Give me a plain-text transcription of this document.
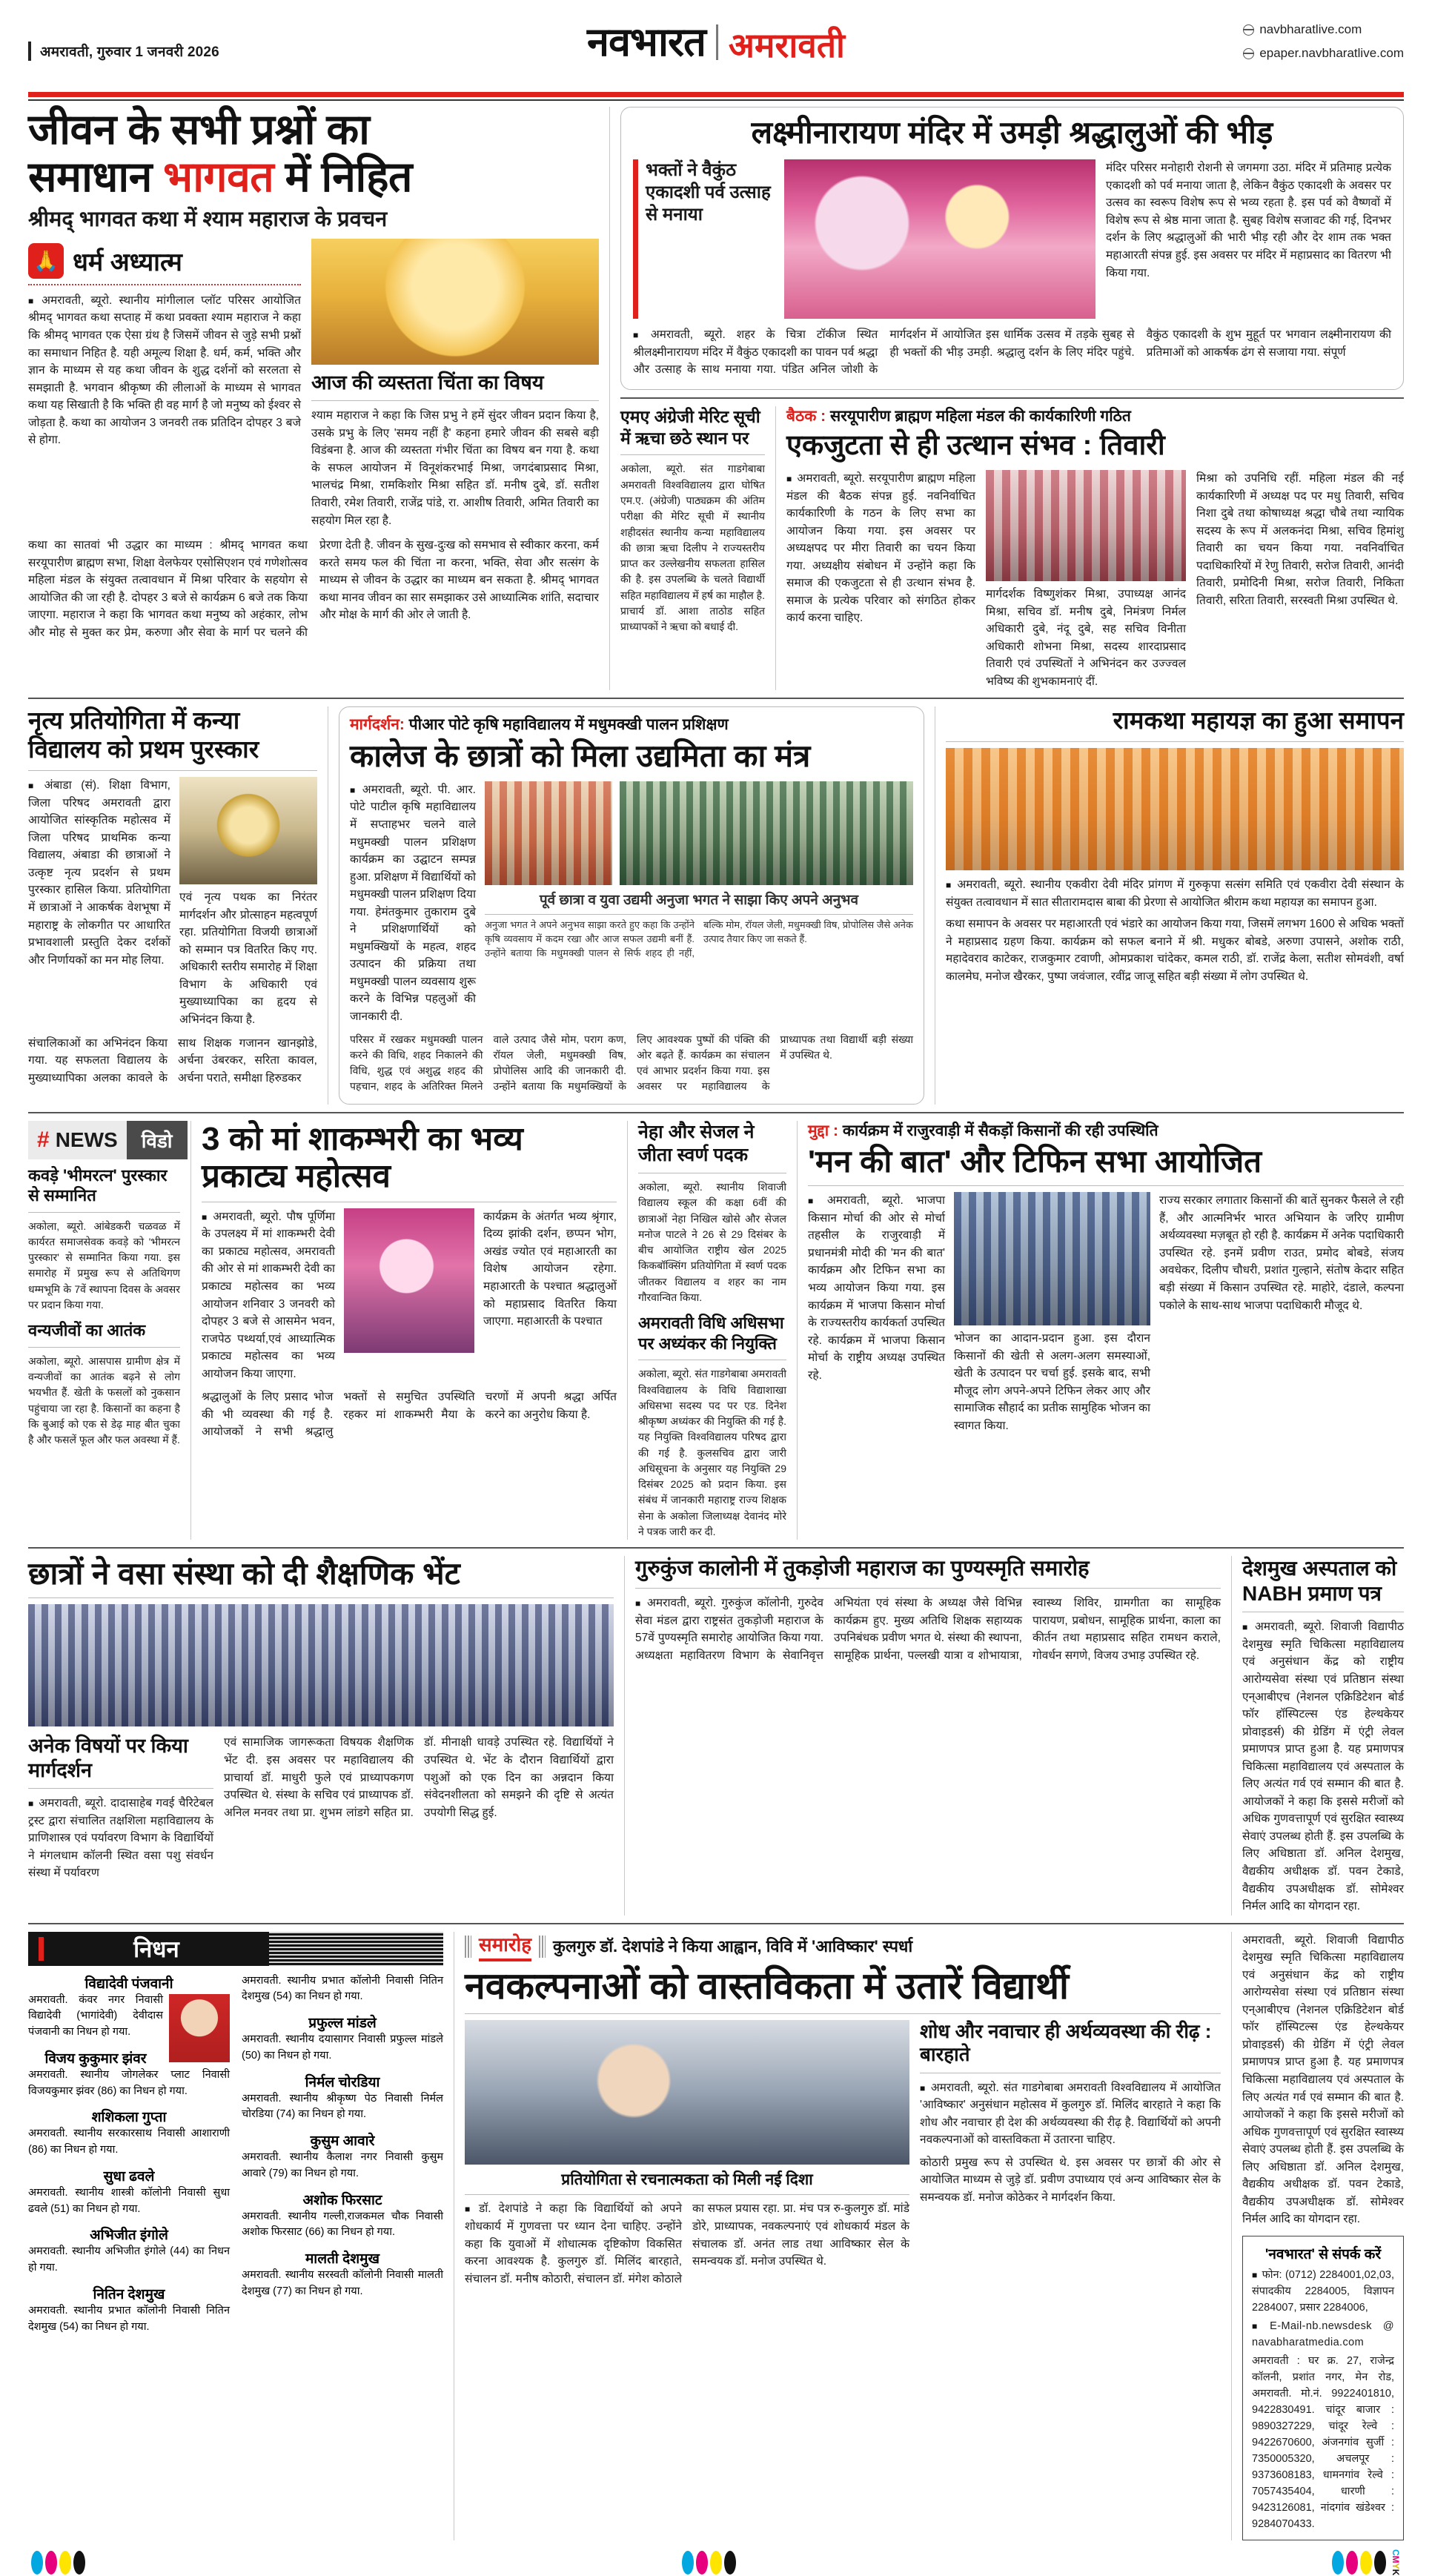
अमरावती, गुरुवार 1 जनवरी 2026	नवभारत अमरावती	navbharatlive.com
epaper.navbharatlive.com
जीवन के सभी प्रश्नों का
समाधान भागवत में निहित
श्रीमद् भागवत कथा में श्याम महाराज के प्रवचन
🙏 धर्म अध्यात्म
■ अमरावती, ब्यूरो. स्थानीय मांगीलाल प्लॉट परिसर आयोजित श्रीमद् भागवत कथा सप्ताह में कथा प्रवक्ता श्याम महाराज ने कहा कि श्रीमद् भागवत एक ऐसा ग्रंथ है जिसमें जीवन से जुड़े सभी प्रश्नों का समाधान निहित है. यही अमूल्य शिक्षा है. धर्म, कर्म, भक्ति और ज्ञान के माध्यम से यह कथा जीवन के शुद्ध दर्शनों को सरलता से समझाती है. भगवान श्रीकृष्ण की लीलाओं के माध्यम से भागवत कथा यह सिखाती है कि भक्ति ही वह मार्ग है जो मनुष्य को ईश्वर से जोड़ता है. कथा का आयोजन 3 जनवरी तक प्रतिदिन दोपहर 3 बजे से होगा.
आज की व्यस्तता चिंता का विषय
श्याम महाराज ने कहा कि जिस प्रभु ने हमें सुंदर जीवन प्रदान किया है, उसके प्रभु के लिए 'समय नहीं है' कहना हमारे जीवन की सबसे बड़ी विडंबना है. आज की व्यस्तता गंभीर चिंता का विषय बन गया है. कथा के सफल आयोजन में विनूशंकरभाई मिश्रा, जगदंबाप्रसाद मिश्रा, भालचंद्र मिश्रा, रामकिशोर मिश्रा सहित डॉ. मनीष दुबे, डॉ. सतीश तिवारी, रमेश तिवारी, राजेंद्र पांडे, रा. आशीष तिवारी, अमित तिवारी का सहयोग मिल रहा है.
कथा का सातवां भी उद्धार का माध्यम : श्रीमद् भागवत कथा सरयूपारीण ब्राह्मण सभा, शिक्षा वेलफेयर एसोसिएशन एवं गणेशोत्सव महिला मंडल के संयुक्त तत्वावधान में मिश्रा परिवार के सहयोग से आयोजित की जा रही है. दोपहर 3 बजे से कार्यक्रम 6 बजे तक किया जाएगा. महाराज ने कहा कि भागवत कथा मनुष्य को अहंकार, लोभ और मोह से मुक्त कर प्रेम, करुणा और सेवा के मार्ग पर चलने की प्रेरणा देती है. जीवन के सुख-दुःख को समभाव से स्वीकार करना, कर्म करते समय फल की चिंता ना करना, भक्ति, सेवा और सत्संग के माध्यम से जीवन के उद्धार का माध्यम बन सकता है. श्रीमद् भागवत कथा मानव जीवन का सार समझाकर उसे आध्यात्मिक शांति, सदाचार और मोक्ष के मार्ग की ओर ले जाती है.
लक्ष्मीनारायण मंदिर में उमड़ी श्रद्धालुओं की भीड़
भक्तों ने वैकुंठ एकादशी पर्व उत्साह से मनाया
मंदिर परिसर मनोहारी रोशनी से जगमगा उठा. मंदिर में प्रतिमाह प्रत्येक एकादशी को पर्व मनाया जाता है, लेकिन वैकुंठ एकादशी के अवसर पर उत्सव का स्वरूप विशेष रूप से भव्य रहता है. इस पर्व को वैष्णवों में विशेष रूप से श्रेष्ठ माना जाता है. सुबह विशेष सजावट की गई, दिनभर दर्शन के लिए श्रद्धालुओं की भारी भीड़ रही और देर शाम तक भक्त महाआरती संपन्न हुई. इस अवसर पर मंदिर में महाप्रसाद का वितरण भी किया गया.
■ अमरावती, ब्यूरो. शहर के चित्रा टॉकीज स्थित श्रीलक्ष्मीनारायण मंदिर में वैकुंठ एकादशी का पावन पर्व श्रद्धा और उत्साह के साथ मनाया गया. पंडित अनिल जोशी के मार्गदर्शन में आयोजित इस धार्मिक उत्सव में तड़के सुबह से ही भक्तों की भीड़ उमड़ी. श्रद्धालु दर्शन के लिए मंदिर पहुंचे. वैकुंठ एकादशी के शुभ मुहूर्त पर भगवान लक्ष्मीनारायण की प्रतिमाओं को आकर्षक ढंग से सजाया गया. संपूर्ण
एमए अंग्रेजी मेरिट सूची में ऋचा छठे स्थान पर
अकोला, ब्यूरो. संत गाडगेबाबा अमरावती विश्वविद्यालय द्वारा घोषित एम.ए. (अंग्रेजी) पाठ्यक्रम की अंतिम परीक्षा की मेरिट सूची में स्थानीय शहीदसंत स्थानीय कन्या महाविद्यालय की छात्रा ऋचा दिलीप ने राज्यस्तरीय प्राप्त कर उल्लेखनीय सफलता हासिल की है. इस उपलब्धि के चलते विद्यार्थी सहित महाविद्यालय में हर्ष का माहौल है. प्राचार्य डॉ. आशा ताठोड सहित प्राध्यापकों ने ऋचा को बधाई दी.
बैठक : सरयूपारीण ब्राह्मण महिला मंडल की कार्यकारिणी गठित
एकजुटता से ही उत्थान संभव : तिवारी
■ अमरावती, ब्यूरो. सरयूपारीण ब्राह्मण महिला मंडल की बैठक संपन्न हुई. नवनिर्वाचित कार्यकारिणी के गठन के लिए सभा का आयोजन किया गया. इस अवसर पर अध्यक्षपद पर मीरा तिवारी का चयन किया गया. अध्यक्षीय संबोधन में उन्होंने कहा कि समाज की एकजुटता से ही उत्थान संभव है. समाज के प्रत्येक परिवार को संगठित होकर कार्य करना चाहिए.
मार्गदर्शक विष्णुशंकर मिश्रा, उपाध्यक्ष आनंद मिश्रा, सचिव डॉ. मनीष दुबे, निमंत्रण निर्मल अधिकारी दुबे, नंदू दुबे, सह सचिव विनीता अधिकारी शोभना मिश्रा, सदस्य शारदाप्रसाद तिवारी एवं उपस्थितों ने अभिनंदन कर उज्ज्वल भविष्य की शुभकामनाएं दीं.
मिश्रा को उपनिधि रहीं. महिला मंडल की नई कार्यकारिणी में अध्यक्ष पद पर मधु तिवारी, सचिव निशा दुबे तथा कोषाध्यक्ष श्रद्धा चौबे तथा न्यायिक सदस्य के रूप में अलकनंदा मिश्रा, सचिव हिमांशु तिवारी का चयन किया गया. नवनिर्वाचित पदाधिकारियों में रेणु तिवारी, सरोज तिवारी, आनंदी तिवारी, प्रमोदिनी मिश्रा, सरोज तिवारी, निकिता तिवारी, सरिता तिवारी, सरस्वती मिश्रा उपस्थित थे.
नृत्य प्रतियोगिता में कन्या विद्यालय को प्रथम पुरस्कार
■ अंबाडा (सं). शिक्षा विभाग, जिला परिषद अमरावती द्वारा आयोजित सांस्कृतिक महोत्सव में जिला परिषद प्राथमिक कन्या विद्यालय, अंबाडा की छात्राओं ने उत्कृष्ट नृत्य प्रदर्शन से प्रथम पुरस्कार हासिल किया. प्रतियोगिता में छात्राओं ने आकर्षक वेशभूषा में महाराष्ट्र के लोकगीत पर आधारित प्रभावशाली प्रस्तुति देकर दर्शकों और निर्णायकों का मन मोह लिया.
एवं नृत्य पथक का निरंतर मार्गदर्शन और प्रोत्साहन महत्वपूर्ण रहा. प्रतियोगिता विजयी छात्राओं को सम्मान पत्र वितरित किए गए. अधिकारी स्तरीय समारोह में शिक्षा विभाग के अधिकारी एवं मुख्याध्यापिका का हृदय से अभिनंदन किया है.
संचालिकाओं का अभिनंदन किया गया. यह सफलता विद्यालय के मुख्याध्यापिका अलका कावले के साथ शिक्षक गजानन खानझोडे, अर्चना उंबरकर, सरिता कावल, अर्चना पराते, समीक्षा हिरुडकर
मार्गदर्शन: पीआर पोटे कृषि महाविद्यालय में मधुमक्खी पालन प्रशिक्षण
कालेज के छात्रों को मिला उद्यमिता का मंत्र
■ अमरावती, ब्यूरो. पी. आर. पोटे पाटील कृषि महाविद्यालय में सप्ताहभर चलने वाले मधुमक्खी पालन प्रशिक्षण कार्यक्रम का उद्घाटन सम्पन्न हुआ. प्रशिक्षण में विद्यार्थियों को मधुमक्खी पालन प्रशिक्षण दिया गया. हेमंतकुमार तुकाराम दुबे ने प्रशिक्षणार्थियों को मधुमक्खियों के महत्व, शहद उत्पादन की प्रक्रिया तथा मधुमक्खी पालन व्यवसाय शुरू करने के विभिन्न पहलुओं की जानकारी दी.
पूर्व छात्रा व युवा उद्यमी अनुजा भगत ने साझा किए अपने अनुभव
अनुजा भगत ने अपने अनुभव साझा करते हुए कहा कि उन्होंने कृषि व्यवसाय में कदम रखा और आज सफल उद्यमी बनीं हैं. उन्होंने बताया कि मधुमक्खी पालन से सिर्फ शहद ही नहीं, बल्कि मोम, रॉयल जेली, मधुमक्खी विष, प्रोपोलिस जैसे अनेक उत्पाद तैयार किए जा सकते हैं.
परिसर में रखकर मधुमक्खी पालन करने की विधि, शहद निकालने की विधि, शुद्ध एवं अशुद्ध शहद की पहचान, शहद के अतिरिक्त मिलने वाले उत्पाद जैसे मोम, पराग कण, रॉयल जेली, मधुमक्खी विष, प्रोपोलिस आदि की जानकारी दी. उन्होंने बताया कि मधुमक्खियों के लिए आवश्यक पुष्पों की पंक्ति की ओर बढ़ते हैं. कार्यक्रम का संचालन एवं आभार प्रदर्शन किया गया. इस अवसर पर महाविद्यालय के प्राध्यापक तथा विद्यार्थी बड़ी संख्या में उपस्थित थे.
रामकथा महायज्ञ का हुआ समापन
■ अमरावती, ब्यूरो. स्थानीय एकवीरा देवी मंदिर प्रांगण में गुरुकृपा सत्संग समिति एवं एकवीरा देवी संस्थान के संयुक्त तत्वावधान में सात सीतारामदास बाबा की प्रेरणा से आयोजित श्रीराम कथा महायज्ञ का समापन हुआ.
कथा समापन के अवसर पर महाआरती एवं भंडारे का आयोजन किया गया, जिसमें लगभग 1600 से अधिक भक्तों ने महाप्रसाद ग्रहण किया. कार्यक्रम को सफल बनाने में श्री. मधुकर बोबडे, अरुणा उपासने, अशोक राठी, महादेवराव काटेकर, राजकुमार टवाणी, ओमप्रकाश चांदेकर, कमल राठी, डॉ. राजेंद्र केला, सतीश सोमवंशी, वर्षा कालमेघ, मनोज खैरकर, पुष्पा जवंजाल, रवींद्र जाजू सहित बड़ी संख्या में लोग उपस्थित थे.
# NEWS	विडो
कवड़े 'भीमरत्न' पुरस्कार से सम्मानित
अकोला, ब्यूरो. आंबेडकरी चळवळ में कार्यरत समाजसेवक कवड़े को 'भीमरत्न पुरस्कार' से सम्मानित किया गया. इस समारोह में प्रमुख रूप से अतिथिगण धम्मभूमि के 7वें स्थापना दिवस के अवसर पर प्रदान किया गया.
वन्यजीवों का आतंक
अकोला, ब्यूरो. आसपास ग्रामीण क्षेत्र में वन्यजीवों का आतंक बढ़ने से लोग भयभीत हैं. खेती के फसलों को नुकसान पहुंचाया जा रहा है. किसानों का कहना है कि बुआई को एक से डेढ़ माह बीत चुका है और फसलें फूल और फल अवस्था में हैं.
3 को मां शाकम्भरी का भव्य प्रकाट्य महोत्सव
■ अमरावती, ब्यूरो. पौष पूर्णिमा के उपलक्ष्य में मां शाकम्भरी देवी का प्रकाट्य महोत्सव, अमरावती की ओर से मां शाकम्भरी देवी का प्रकाट्य महोत्सव का भव्य आयोजन शनिवार 3 जनवरी को दोपहर 3 बजे से आसमेन भवन, राजपेठ पथ्थर्या,एवं आध्यात्मिक प्रकाट्य महोत्सव का भव्य आयोजन किया जाएगा.
कार्यक्रम के अंतर्गत भव्य श्रृंगार, दिव्य झांकी दर्शन, छप्पन भोग, अखंड ज्योत एवं महाआरती का विशेष आयोजन रहेगा. महाआरती के पश्चात श्रद्धालुओं को महाप्रसाद वितरित किया जाएगा. महाआरती के पश्चात
श्रद्धालुओं के लिए प्रसाद भोज की भी व्यवस्था की गई है. आयोजकों ने सभी श्रद्धालु भक्तों से समुचित उपस्थिति रहकर मां शाकम्भरी मैया के चरणों में अपनी श्रद्धा अर्पित करने का अनुरोध किया है.
नेहा और सेजल ने जीता स्वर्ण पदक
अकोला, ब्यूरो. स्थानीय शिवाजी विद्यालय स्कूल की कक्षा 6वीं की छात्राओं नेहा निखिल खोसे और सेजल मनोज पाटले ने 26 से 29 दिसंबर के बीच आयोजित राष्ट्रीय खेल 2025 किकबॉक्सिंग प्रतियोगिता में स्वर्ण पदक जीतकर विद्यालय व शहर का नाम गौरवान्वित किया.
अमरावती विधि अधिसभा पर अध्यंकर की नियुक्ति
अकोला, ब्यूरो. संत गाडगेबाबा अमरावती विश्वविद्यालय के विधि विद्याशाखा अधिसभा सदस्य पद पर एड. दिनेश श्रीकृष्ण अध्यंकर की नियुक्ति की गई है. यह नियुक्ति विश्वविद्यालय परिषद द्वारा की गई है. कुलसचिव द्वारा जारी अधिसूचना के अनुसार यह नियुक्ति 29 दिसंबर 2025 को प्रदान किया. इस संबंध में जानकारी महाराष्ट्र राज्य शिक्षक सेना के अकोला जिलाध्यक्ष देवानंद मोरे ने पत्रक जारी कर दी.
मुद्दा : कार्यक्रम में राजुरवाड़ी में सैकड़ों किसानों की रही उपस्थिति
'मन की बात' और टिफिन सभा आयोजित
■ अमरावती, ब्यूरो. भाजपा किसान मोर्चा की ओर से मोर्चा तहसील के राजुरवाड़ी में प्रधानमंत्री मोदी की 'मन की बात' कार्यक्रम और टिफिन सभा का भव्य आयोजन किया गया. इस कार्यक्रम में भाजपा किसान मोर्चा के राज्यस्तरीय कार्यकर्ता उपस्थित रहे. कार्यक्रम में भाजपा किसान मोर्चा के राष्ट्रीय अध्यक्ष उपस्थित रहे.
भोजन का आदान-प्रदान हुआ. इस दौरान किसानों की खेती से अलग-अलग समस्याओं, खेती के उत्पादन पर चर्चा हुई. इसके बाद, सभी मौजूद लोग अपने-अपने टिफिन लेकर आए और सामाजिक सौहार्द का प्रतीक सामुहिक भोजन का स्वागत किया.
राज्य सरकार लगातार किसानों की बातें सुनकर फैसले ले रही हैं, और आत्मनिर्भर भारत अभियान के जरिए ग्रामीण अर्थव्यवस्था मज़बूत हो रही है. कार्यक्रम में अनेक पदाधिकारी उपस्थित रहे. इनमें प्रवीण राउत, प्रमोद बोबडे, संजय अवधेकर, दिलीप चौधरी, प्रशांत गुल्हाने, संतोष केदार सहित बड़ी संख्या में किसान उपस्थित रहे. माहोरे, दंडाले, कल्पना पकोले के साथ-साथ भाजपा पदाधिकारी मौजूद थे.
छात्रों ने वसा संस्था को दी शैक्षणिक भेंट
अनेक विषयों पर किया मार्गदर्शन
■ अमरावती, ब्यूरो. दादासाहेब गवई चैरिटेबल ट्रस्ट द्वारा संचालित तक्षशिला महाविद्यालय के प्राणिशास्त्र एवं पर्यावरण विभाग के विद्यार्थियों ने मंगलधाम कॉलनी स्थित वसा पशु संवर्धन संस्था में पर्यावरण
एवं सामाजिक जागरूकता विषयक शैक्षणिक भेंट दी. इस अवसर पर महाविद्यालय की प्राचार्या डॉ. माधुरी फुले एवं प्राध्यापकगण उपस्थित थे. संस्था के सचिव एवं प्राध्यापक डॉ. अनिल मनवर तथा प्रा. शुभम लांडगे सहित प्रा. डॉ. मीनाक्षी धावड़े उपस्थित रहे. विद्यार्थियों ने उपस्थित थे. भेंट के दौरान विद्यार्थियों द्वारा पशुओं को एक दिन का अन्नदान किया संवेदनशीलता को समझने की दृष्टि से अत्यंत उपयोगी सिद्ध हुई.
गुरुकुंज कालोनी में तुकड़ोजी महाराज का पुण्यस्मृति समारोह
■ अमरावती, ब्यूरो. गुरुकुंज कॉलोनी, गुरुदेव सेवा मंडल द्वारा राष्ट्रसंत तुकड़ोजी महाराज के 57वें पुण्यस्मृति समारोह आयोजित किया गया. अध्यक्षता महावितरण विभाग के सेवानिवृत्त अभियंता एवं संस्था के अध्यक्ष जैसे विभिन्न कार्यक्रम हुए. मुख्य अतिथि शिक्षक सहाय्यक उपनिबंधक प्रवीण भगत थे. संस्था की स्थापना, सामूहिक प्रार्थना, पल्लखी यात्रा व शोभायात्रा, स्वास्थ्य शिविर, ग्रामगीता का सामूहिक पारायण, प्रबोधन, सामूहिक प्रार्थना, काला का कीर्तन तथा महाप्रसाद सहित रामधन कराले, गोवर्धन सगणे, विजय उभाड़ उपस्थित रहे.
देशमुख अस्पताल को NABH प्रमाण पत्र
■ अमरावती, ब्यूरो. शिवाजी विद्यापीठ देशमुख स्मृति चिकित्सा महाविद्यालय एवं अनुसंधान केंद्र को राष्ट्रीय आरोग्यसेवा संस्था एवं प्रतिष्ठान संस्था एन्आबीएच (नेशनल एक्रिडिटेशन बोर्ड फॉर हॉस्पिटल्स एंड हेल्थकेयर प्रोवाइडर्स) की ग्रेडिंग में एंट्री लेवल प्रमाणपत्र प्राप्त हुआ है. यह प्रमाणपत्र चिकित्सा महाविद्यालय एवं अस्पताल के लिए अत्यंत गर्व एवं सम्मान की बात है. आयोजकों ने कहा कि इससे मरीजों को अधिक गुणवत्तापूर्ण एवं सुरक्षित स्वास्थ्य सेवाएं उपलब्ध होती हैं. इस उपलब्धि के लिए अधिष्ठाता डॉ. अनिल देशमुख, वैद्यकीय अधीक्षक डॉ. पवन टेकाडे, वैद्यकीय उपअधीक्षक डॉ. सोमेश्वर निर्मल आदि का योगदान रहा.
निधन
विद्यादेवी पंजवानी
अमरावती. कंवर नगर निवासी विद्यादेवी (भागांदेवी) देवीदास पंजवानी का निधन हो गया.
विजय कुकुमार झंवर
अमरावती. स्थानीय जोगलेकर प्लाट निवासी विजयकुमार झंवर (86) का निधन हो गया.
शशिकला गुप्ता
अमरावती. स्थानीय सरकारसाथ निवासी आशाराणी (86) का निधन हो गया.
सुधा ढवले
अमरावती. स्थानीय शास्त्री कॉलोनी निवासी सुधा ढवले (51) का निधन हो गया.
अभिजीत इंगोले
अमरावती. स्थानीय अभिजीत इंगोले (44) का निधन हो गया.
नितिन देशमुख
अमरावती. स्थानीय प्रभात कॉलोनी निवासी नितिन देशमुख (54) का निधन हो गया.
अमरावती. स्थानीय प्रभात कॉलोनी निवासी नितिन देशमुख (54) का निधन हो गया.
प्रफुल्ल मांडले
अमरावती. स्थानीय दयासागर निवासी प्रफुल्ल मांडले (50) का निधन हो गया.
निर्मल चोरडिया
अमरावती. स्थानीय श्रीकृष्ण पेठ निवासी निर्मल चोरडिया (74) का निधन हो गया.
कुसुम आवारे
अमरावती. स्थानीय कैलाश नगर निवासी कुसुम आवारे (79) का निधन हो गया.
अशोक फिरसाट
अमरावती. स्थानीय गल्ली,राजकमल चौक निवासी अशोक फिरसाट (66) का निधन हो गया.
मालती देशमुख
अमरावती. स्थानीय सरस्वती कॉलोनी निवासी मालती देशमुख (77) का निधन हो गया.
समारोह कुलगुरु डॉ. देशपांडे ने किया आह्वान, विवि में 'आविष्कार' स्पर्धा
नवकल्पनाओं को वास्तविकता में उतारें विद्यार्थी
प्रतियोगिता से रचनात्मकता को मिली नई दिशा
■ डॉ. देशपांडे ने कहा कि विद्यार्थियों को अपने शोधकार्य में गुणवत्ता पर ध्यान देना चाहिए. उन्होंने कहा कि युवाओं में शोधात्मक दृष्टिकोण विकसित करना आवश्यक है. कुलगुरु डॉ. मिलिंद बारहाते, संचालन डॉ. मनीष कोठारी, संचालन डॉ. मंगेश कोठाले का सफल प्रयास रहा. प्रा. मंच पत्र रु-कुलगुरु डॉ. मांडे डोरे, प्राध्यापक, नवकल्पनाएं एवं शोधकार्य मंडल के संचालक डॉ. अनंत लाड तथा आविष्कार सेल के समन्वयक डॉ. मनोज उपस्थित थे.
शोध और नवाचार ही अर्थव्यवस्था की रीढ़ : बारहाते
■ अमरावती, ब्यूरो. संत गाडगेबाबा अमरावती विश्वविद्यालय में आयोजित 'आविष्कार' अनुसंधान महोत्सव में कुलगुरु डॉ. मिलिंद बारहाते ने कहा कि शोध और नवाचार ही देश की अर्थव्यवस्था की रीढ़ है. विद्यार्थियों को अपनी नवकल्पनाओं को वास्तविकता में उतारना चाहिए.
कोठारी प्रमुख रूप से उपस्थित थे. इस अवसर पर छात्रों की ओर से आयोजित माध्यम से जुड़े डॉ. प्रवीण उपाध्याय एवं अन्य आविष्कार सेल के समन्वयक डॉ. मनोज कोठेकर ने मार्गदर्शन किया.
अमरावती, ब्यूरो. शिवाजी विद्यापीठ देशमुख स्मृति चिकित्सा महाविद्यालय एवं अनुसंधान केंद्र को राष्ट्रीय आरोग्यसेवा संस्था एवं प्रतिष्ठान संस्था एन्आबीएच (नेशनल एक्रिडिटेशन बोर्ड फॉर हॉस्पिटल्स एंड हेल्थकेयर प्रोवाइडर्स) की ग्रेडिंग में एंट्री लेवल प्रमाणपत्र प्राप्त हुआ है. यह प्रमाणपत्र चिकित्सा महाविद्यालय एवं अस्पताल के लिए अत्यंत गर्व एवं सम्मान की बात है. आयोजकों ने कहा कि इससे मरीजों को अधिक गुणवत्तापूर्ण एवं सुरक्षित स्वास्थ्य सेवाएं उपलब्ध होती हैं. इस उपलब्धि के लिए अधिष्ठाता डॉ. अनिल देशमुख, वैद्यकीय अधीक्षक डॉ. पवन टेकाडे, वैद्यकीय उपअधीक्षक डॉ. सोमेश्वर निर्मल आदि का योगदान रहा.
'नवभारत' से संपर्क करें
■ फोन: (0712) 2284001,02,03, संपादकीय 2284005, विज्ञापन 2284007, प्रसार 2284006,
■ E-Mail-nb.newsdesk @ navabharatmedia.com
अमरावती : घर क्र. 27, राजेन्द्र कॉलनी, प्रशांत नगर, मेन रोड, अमरावती. मो.नं. 9922401810, 9422830491. चांदूर बाजार : 9890327229, चांदूर रेल्वे : 9422670600, अंजनगांव सुर्जी : 7350005320, अचलपूर : 9373608183, धामनगांव रेल्वे : 7057435404, धारणी : 9423126081, नांदगांव खंडेश्वर : 9284070433.
CMYK
